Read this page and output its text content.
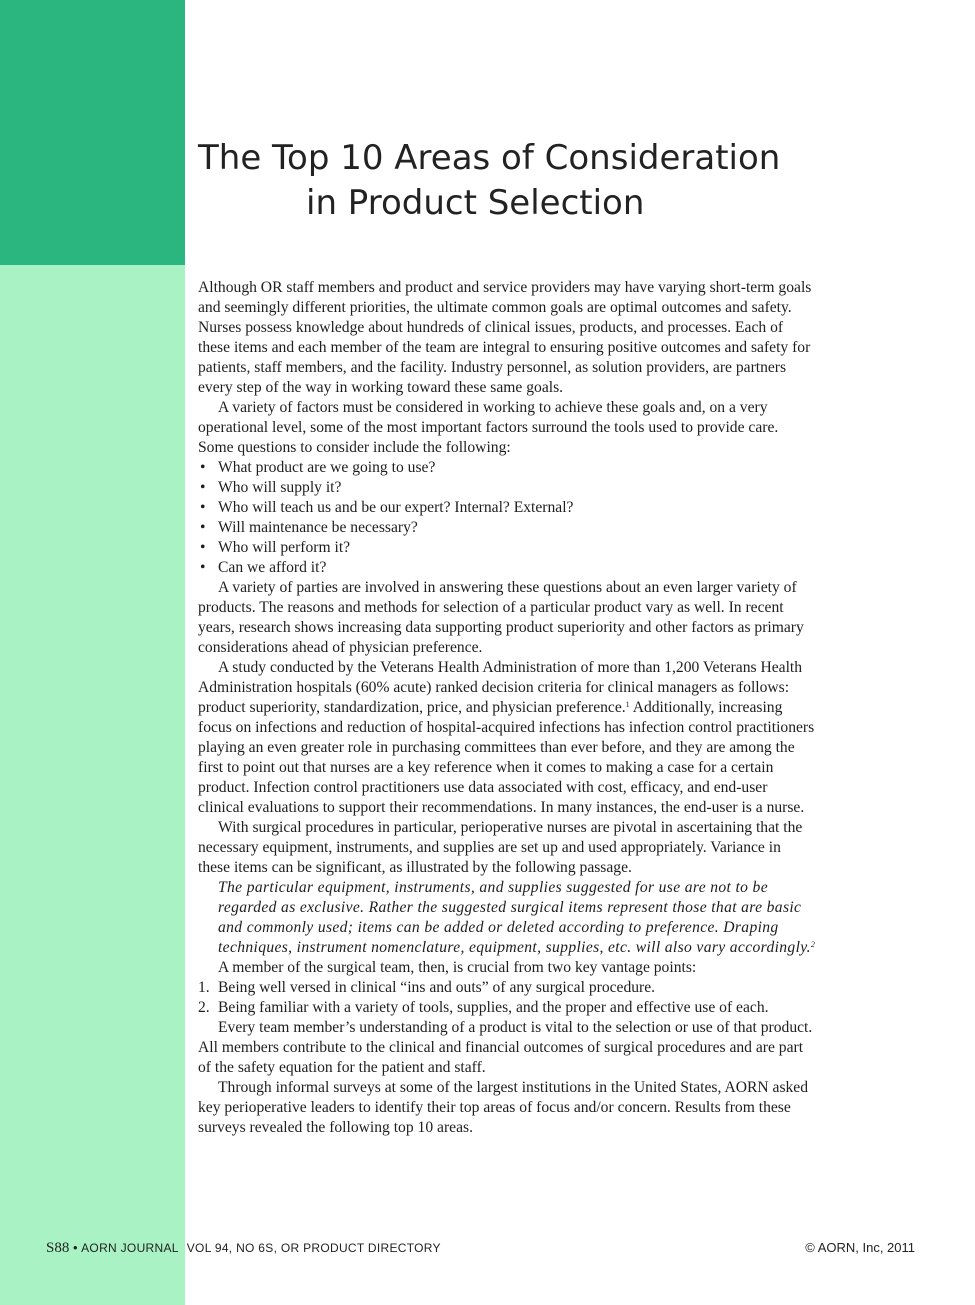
The Top 10 Areas of Consideration
in Product Selection

Although OR staff members and product and service providers may have varying short-term goals and seemingly different priorities, the ultimate common goals are optimal outcomes and safety. Nurses possess knowledge about hundreds of clinical issues, products, and processes. Each of these items and each member of the team are integral to ensuring positive outcomes and safety for patients, staff members, and the facility. Industry personnel, as solution providers, are partners every step of the way in working toward these same goals.

A variety of factors must be considered in working to achieve these goals and, on a very operational level, some of the most important factors surround the tools used to provide care. Some questions to consider include the following:

• What product are we going to use?
• Who will supply it?
• Who will teach us and be our expert? Internal? External?
• Will maintenance be necessary?
• Who will perform it?
• Can we afford it?

A variety of parties are involved in answering these questions about an even larger variety of products. The reasons and methods for selection of a particular product vary as well. In recent years, research shows increasing data supporting product superiority and other factors as primary considerations ahead of physician preference.

A study conducted by the Veterans Health Administration of more than 1,200 Veterans Health Administration hospitals (60% acute) ranked decision criteria for clinical managers as follows: product superiority, standardization, price, and physician preference.$^1$ Additionally, increasing focus on infections and reduction of hospital-acquired infections has infection control practitioners playing an even greater role in purchasing committees than ever before, and they are among the first to point out that nurses are a key reference when it comes to making a case for a certain product. Infection control practitioners use data associated with cost, efficacy, and end-user clinical evaluations to support their recommendations. In many instances, the end-user is a nurse.

With surgical procedures in particular, perioperative nurses are pivotal in ascertaining that the necessary equipment, instruments, and supplies are set up and used appropriately. Variance in these items can be significant, as illustrated by the following passage.

The particular equipment, instruments, and supplies suggested for use are not to be regarded as exclusive. Rather the suggested surgical items represent those that are basic and commonly used; items can be added or deleted according to preference. Draping techniques, instrument nomenclature, equipment, supplies, etc. will also vary accordingly.$^2$

A member of the surgical team, then, is crucial from two key vantage points:

1. Being well versed in clinical “ins and outs” of any surgical procedure.
2. Being familiar with a variety of tools, supplies, and the proper and effective use of each.

Every team member’s understanding of a product is vital to the selection or use of that product. All members contribute to the clinical and financial outcomes of surgical procedures and are part of the safety equation for the patient and staff.

Through informal surveys at some of the largest institutions in the United States, AORN asked key perioperative leaders to identify their top areas of focus and/or concern. Results from these surveys revealed the following top 10 areas.

S88 • AORN JOURNAL VOL 94, NO 6S, OR PRODUCT DIRECTORY	© AORN, Inc, 2011
